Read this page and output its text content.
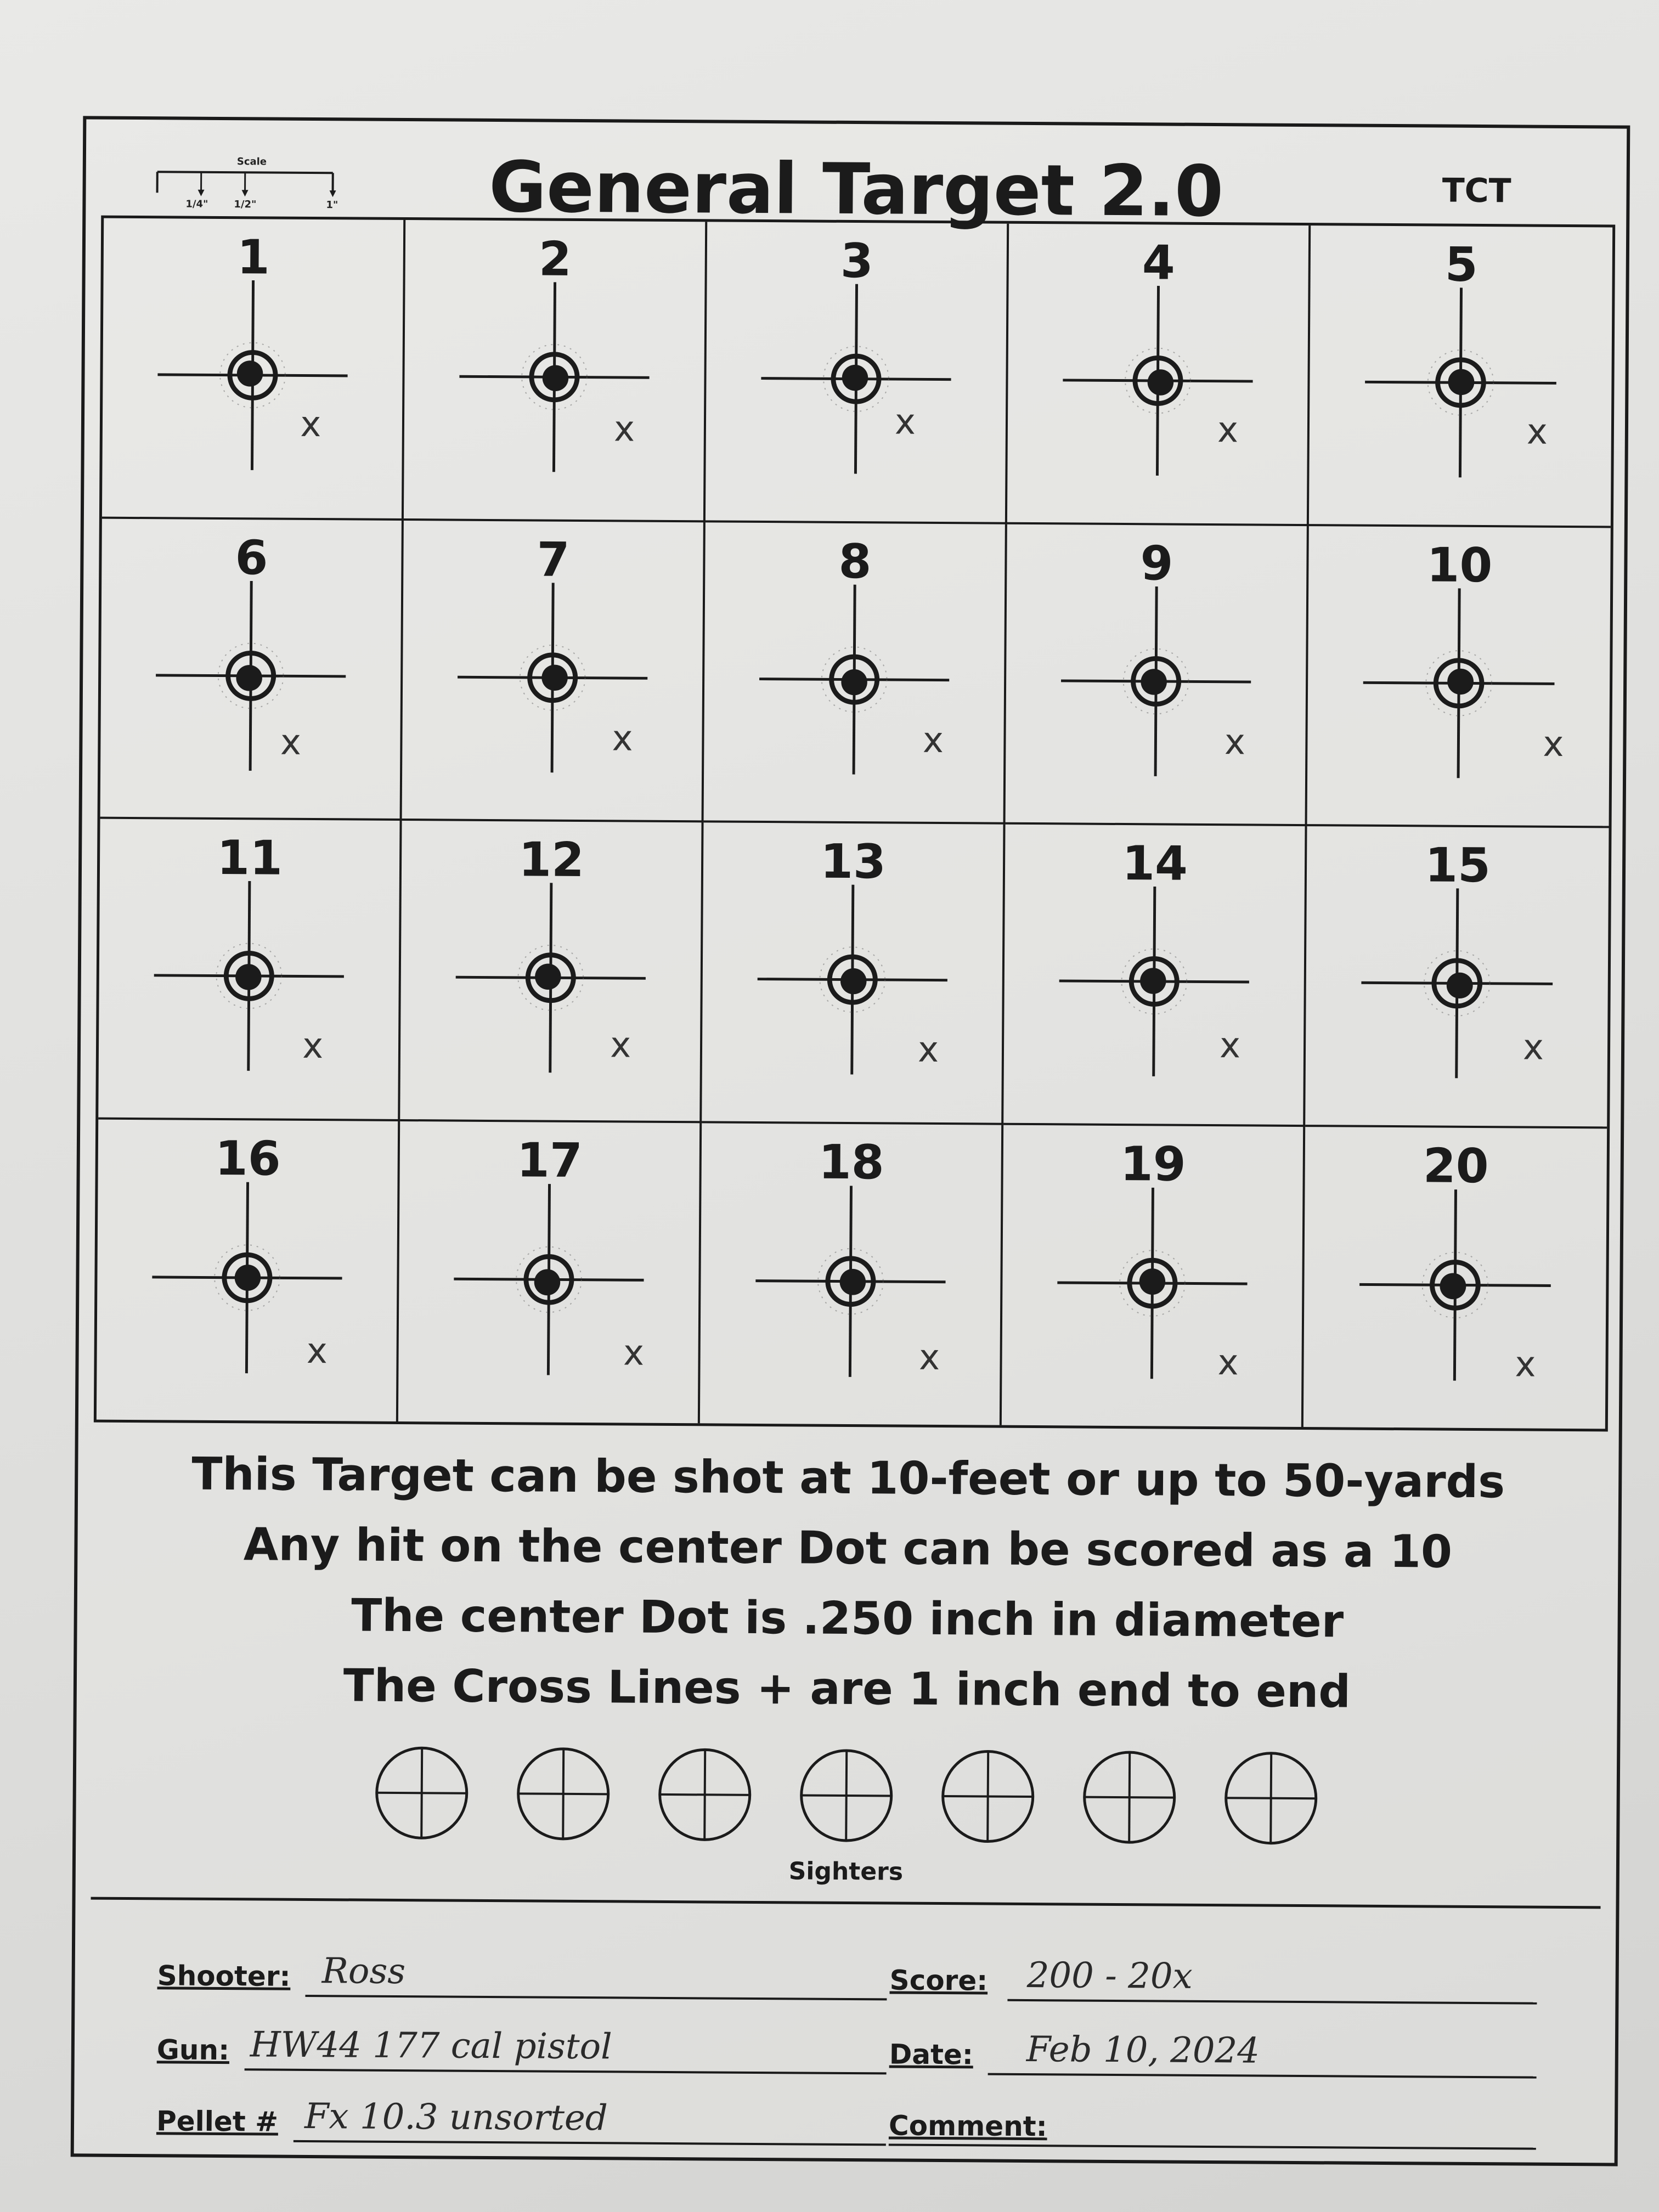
Scale
1/4"	1/2"	1"	General Target 2.0	TCT
1
x
2
x
3
x
4
x
5
x
6
x
7
x
8
x
9
x
10
x
11
x
12
x
13
x
14
x
15
x
16
x
17
x
18
x
19
x
20
x
This Target can be shot at 10-feet or up to 50-yards
Any hit on the center Dot can be scored as a 10
The center Dot is .250 inch in diameter
The Cross Lines + are 1 inch end to end
Sighters
Shooter: Ross
Gun: HW44 177 cal pistol
Pellet # Fx 10.3 unsorted
Score: 200 - 20x
Date: Feb 10, 2024
Comment:
